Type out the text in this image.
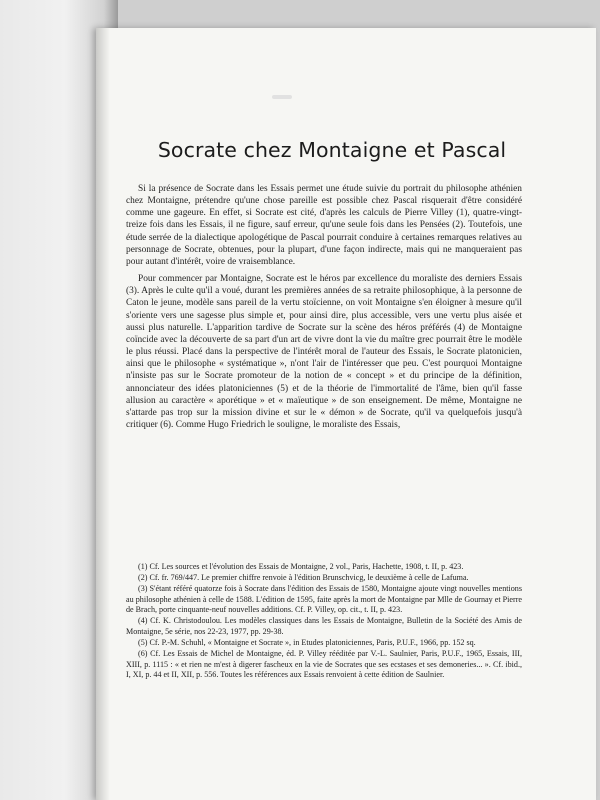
Socrate chez Montaigne et Pascal

Si la présence de Socrate dans les Essais permet une étude suivie du portrait du philosophe athénien chez Montaigne, prétendre qu'une chose pareille est possible chez Pascal risquerait d'être considéré comme une gageure. En effet, si Socrate est cité, d'après les calculs de Pierre Villey (1), quatre-vingt-treize fois dans les Essais, il ne figure, sauf erreur, qu'une seule fois dans les Pensées (2). Toutefois, une étude serrée de la dialectique apologétique de Pascal pourrait conduire à certaines remarques relatives au personnage de Socrate, obtenues, pour la plupart, d'une façon indirecte, mais qui ne manqueraient pas pour autant d'intérêt, voire de vraisemblance.

Pour commencer par Montaigne, Socrate est le héros par excellence du moraliste des derniers Essais (3). Après le culte qu'il a voué, durant les premières années de sa retraite philosophique, à la personne de Caton le jeune, modèle sans pareil de la vertu stoïcienne, on voit Montaigne s'en éloigner à mesure qu'il s'oriente vers une sagesse plus simple et, pour ainsi dire, plus accessible, vers une vertu plus aisée et aussi plus naturelle. L'apparition tardive de Socrate sur la scène des héros préférés (4) de Montaigne coïncide avec la découverte de sa part d'un art de vivre dont la vie du maître grec pourrait être le modèle le plus réussi. Placé dans la perspective de l'intérêt moral de l'auteur des Essais, le Socrate platonicien, ainsi que le philosophe « systématique », n'ont l'air de l'intéresser que peu. C'est pourquoi Montaigne n'insiste pas sur le Socrate promoteur de la notion de « concept » et du principe de la définition, annonciateur des idées platoniciennes (5) et de la théorie de l'immortalité de l'âme, bien qu'il fasse allusion au caractère « aporétique » et « maïeutique » de son enseignement. De même, Montaigne ne s'attarde pas trop sur la mission divine et sur le « démon » de Socrate, qu'il va quelquefois jusqu'à critiquer (6). Comme Hugo Friedrich le souligne, le moraliste des Essais,

(1) Cf. Les sources et l'évolution des Essais de Montaigne, 2 vol., Paris, Hachette, 1908, t. II, p. 423.

(2) Cf. fr. 769/447. Le premier chiffre renvoie à l'édition Brunschvicg, le deuxième à celle de Lafuma.

(3) S'étant référé quatorze fois à Socrate dans l'édition des Essais de 1580, Montaigne ajoute vingt nouvelles mentions au philosophe athénien à celle de 1588. L'édition de 1595, faite après la mort de Montaigne par Mlle de Gournay et Pierre de Brach, porte cinquante-neuf nouvelles additions. Cf. P. Villey, op. cit., t. II, p. 423.

(4) Cf. K. Christodoulou. Les modèles classiques dans les Essais de Montaigne, Bulletin de la Société des Amis de Montaigne, 5e série, nos 22-23, 1977, pp. 29-38.

(5) Cf. P.-M. Schuhl, « Montaigne et Socrate », in Etudes platoniciennes, Paris, P.U.F., 1966, pp. 152 sq.

(6) Cf. Les Essais de Michel de Montaigne, éd. P. Villey rééditée par V.-L. Saulnier, Paris, P.U.F., 1965, Essais, III, XIII, p. 1115 : « et rien ne m'est à digerer fascheux en la vie de Socrates que ses ecstases et ses demoneries... ». Cf. ibid., I, XI, p. 44 et II, XII, p. 556. Toutes les références aux Essais renvoient à cette édition de Saulnier.
